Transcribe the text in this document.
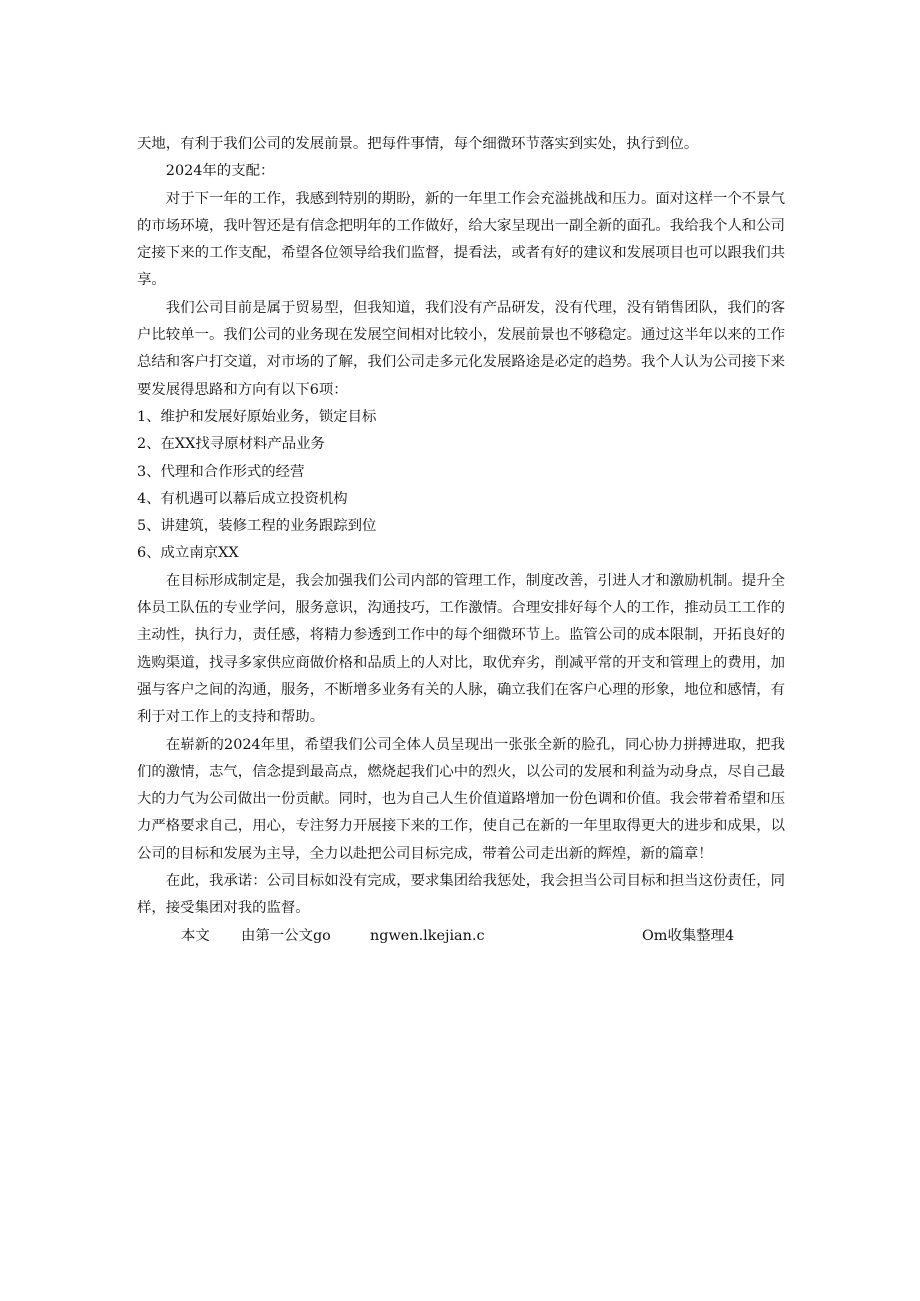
天地，有利于我们公司的发展前景。把每件事情，每个细微环节落实到实处，执行到位。

2024年的支配：

对于下一年的工作，我感到特别的期盼，新的一年里工作会充溢挑战和压力。面对这样一个不景气的市场环境，我叶智还是有信念把明年的工作做好，给大家呈现出一副全新的面孔。我给我个人和公司定接下来的工作支配，希望各位领导给我们监督，提看法，或者有好的建议和发展项目也可以跟我们共享。

我们公司目前是属于贸易型，但我知道，我们没有产品研发，没有代理，没有销售团队，我们的客户比较单一。我们公司的业务现在发展空间相对比较小，发展前景也不够稳定。通过这半年以来的工作总结和客户打交道，对市场的了解，我们公司走多元化发展路途是必定的趋势。我个人认为公司接下来要发展得思路和方向有以下6项：

1、维护和发展好原始业务，锁定目标

2、在XX找寻原材料产品业务

3、代理和合作形式的经营

4、有机遇可以幕后成立投资机构

5、讲建筑，装修工程的业务跟踪到位

6、成立南京XX

在目标形成制定是，我会加强我们公司内部的管理工作，制度改善，引进人才和激励机制。提升全体员工队伍的专业学问，服务意识，沟通技巧，工作激情。合理安排好每个人的工作，推动员工工作的主动性，执行力，责任感，将精力参透到工作中的每个细微环节上。监管公司的成本限制，开拓良好的选购渠道，找寻多家供应商做价格和品质上的人对比，取优弃劣，削减平常的开支和管理上的费用，加强与客户之间的沟通，服务，不断增多业务有关的人脉，确立我们在客户心理的形象，地位和感情，有利于对工作上的支持和帮助。

在崭新的2024年里，希望我们公司全体人员呈现出一张张全新的脸孔，同心协力拼搏进取，把我们的激情，志气，信念提到最高点，燃烧起我们心中的烈火，以公司的发展和利益为动身点，尽自己最大的力气为公司做出一份贡献。同时，也为自己人生价值道路增加一份色调和价值。我会带着希望和压力严格要求自己，用心，专注努力开展接下来的工作，使自己在新的一年里取得更大的进步和成果，以公司的目标和发展为主导，全力以赴把公司目标完成，带着公司走出新的辉煌，新的篇章！

在此，我承诺：公司目标如没有完成，要求集团给我惩处，我会担当公司目标和担当这份责任，同样，接受集团对我的监督。

本文 由第一公文go	ngwen.lkejian.c	Om收集整理4
